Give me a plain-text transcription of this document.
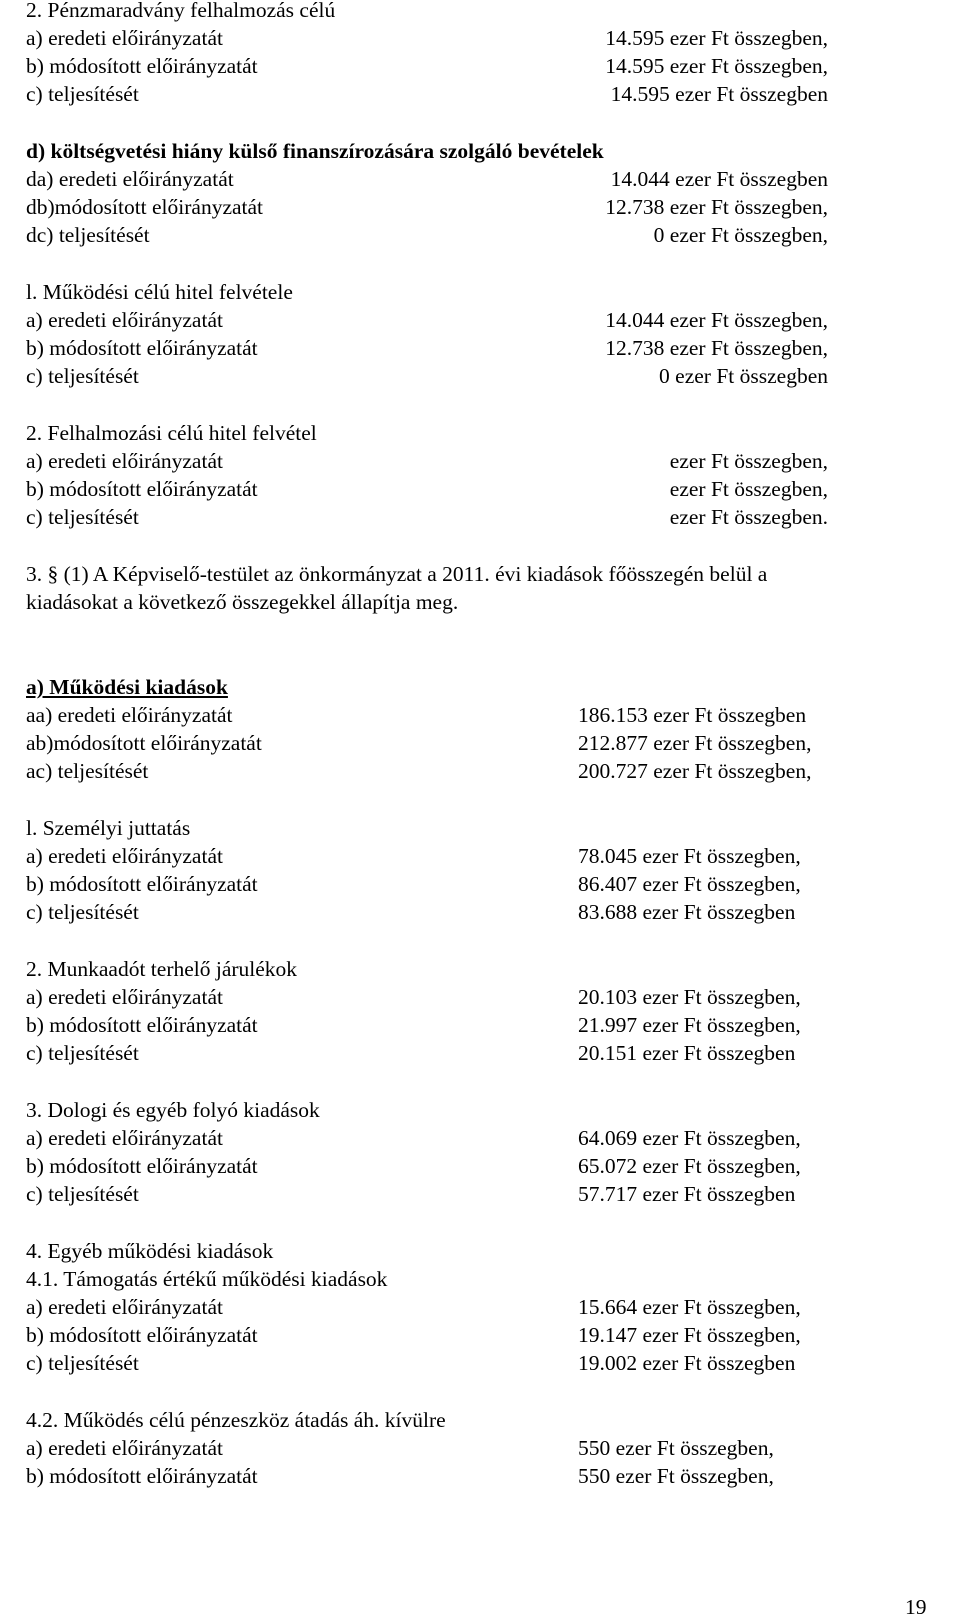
2. Pénzmaradvány felhalmozás célú
a) eredeti előirányzatát	14.595 ezer Ft összegben,
b) módosított előirányzatát	14.595 ezer Ft összegben,
c) teljesítését	14.595 ezer Ft összegben
d) költségvetési hiány külső finanszírozására szolgáló bevételek
da) eredeti előirányzatát	14.044 ezer Ft összegben
db)módosított előirányzatát	12.738 ezer Ft összegben,
dc) teljesítését	0 ezer Ft összegben,
l. Működési célú hitel felvétele
a) eredeti előirányzatát	14.044 ezer Ft összegben,
b) módosított előirányzatát	12.738 ezer Ft összegben,
c) teljesítését	0 ezer Ft összegben
2. Felhalmozási célú hitel felvétel
a) eredeti előirányzatát	ezer Ft összegben,
b) módosított előirányzatát	ezer Ft összegben,
c) teljesítését	ezer Ft összegben.
3. § (1) A Képviselő-testület az önkormányzat a 2011. évi kiadások főösszegén belül a
kiadásokat a következő összegekkel állapítja meg.
a) Működési kiadások
aa) eredeti előirányzatát	186.153 ezer Ft összegben
ab)módosított előirányzatát	212.877 ezer Ft összegben,
ac) teljesítését	200.727 ezer Ft összegben,
l. Személyi juttatás
a) eredeti előirányzatát	78.045 ezer Ft összegben,
b) módosított előirányzatát	86.407 ezer Ft összegben,
c) teljesítését	83.688 ezer Ft összegben
2. Munkaadót terhelő járulékok
a) eredeti előirányzatát	20.103 ezer Ft összegben,
b) módosított előirányzatát	21.997 ezer Ft összegben,
c) teljesítését	20.151 ezer Ft összegben
3. Dologi és egyéb folyó kiadások
a) eredeti előirányzatát	64.069 ezer Ft összegben,
b) módosított előirányzatát	65.072 ezer Ft összegben,
c) teljesítését	57.717 ezer Ft összegben
4. Egyéb működési kiadások
4.1. Támogatás értékű működési kiadások
a) eredeti előirányzatát	15.664 ezer Ft összegben,
b) módosított előirányzatát	19.147 ezer Ft összegben,
c) teljesítését	19.002 ezer Ft összegben
4.2. Működés célú pénzeszköz átadás áh. kívülre
a) eredeti előirányzatát	550 ezer Ft összegben,
b) módosított előirányzatát	550 ezer Ft összegben,
19
